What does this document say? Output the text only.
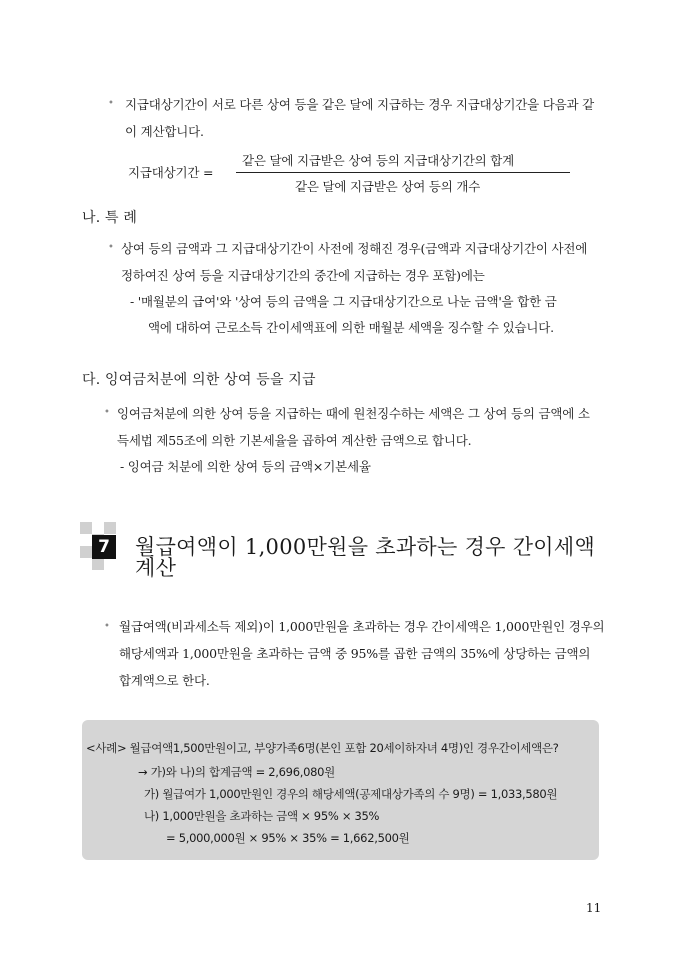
• 지급대상기간이 서로 다른 상여 등을 같은 달에 지급하는 경우 지급대상기간을 다음과 같
이 계산합니다.
지급대상기간 =
같은 달에 지급받은 상여 등의 지급대상기간의 합계
같은 달에 지급받은 상여 등의 개수
나. 특 례
• 상여 등의 금액과 그 지급대상기간이 사전에 정해진 경우(금액과 지급대상기간이 사전에
정하여진 상여 등을 지급대상기간의 중간에 지급하는 경우 포함)에는
- '매월분의 급여'와 '상여 등의 금액을 그 지급대상기간으로 나눈 금액'을 합한 금
액에 대하여 근로소득 간이세액표에 의한 매월분 세액을 징수할 수 있습니다.
다. 잉여금처분에 의한 상여 등을 지급
• 잉여금처분에 의한 상여 등을 지급하는 때에 원천징수하는 세액은 그 상여 등의 금액에 소
득세법 제55조에 의한 기본세율을 곱하여 계산한 금액으로 합니다.
- 잉여금 처분에 의한 상여 등의 금액×기본세율
7 월급여액이 1,000만원을 초과하는 경우 간이세액
계산
• 월급여액(비과세소득 제외)이 1,000만원을 초과하는 경우 간이세액은 1,000만원인 경우의
해당세액과 1,000만원을 초과하는 금액 중 95%를 곱한 금액의 35%에 상당하는 금액의
합계액으로 한다.
<사례> 월급여액1,500만원이고, 부양가족6명(본인 포함 20세이하자녀 4명)인 경우간이세액은?
→ 가)와 나)의 합계금액 = 2,696,080원
가) 월급여가 1,000만원인 경우의 해당세액(공제대상가족의 수 9명) = 1,033,580원
나) 1,000만원을 초과하는 금액 × 95% × 35%
= 5,000,000원 × 95% × 35% = 1,662,500원
11
